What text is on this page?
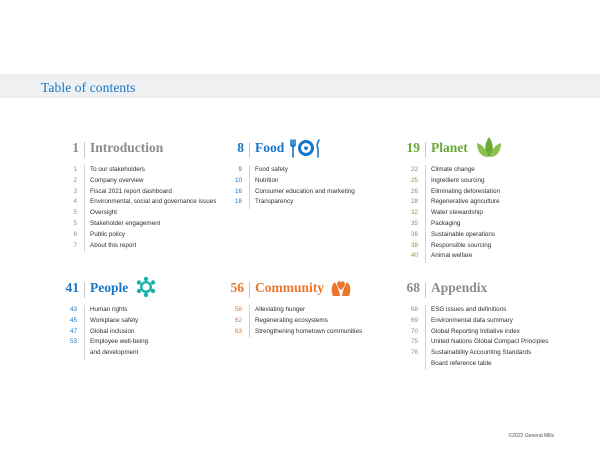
Table of contents
1 Introduction
1 To our stakeholders
2 Company overview
3 Fiscal 2021 report dashboard
4 Environmental, social and governance issues
5 Oversight
5 Stakeholder engagement
6 Public policy
7 About this report
8 Food
9 Food safety
10 Nutrition
16 Consumer education and marketing
18 Transparency
19 Planet
22 Climate change
25 Ingredient sourcing
26 Eliminating deforestation
28 Regenerative agriculture
32 Water stewardship
35 Packaging
36 Sustainable operations
38 Responsible sourcing
40 Animal welfare
41 People
43 Human rights
45 Workplace safety
47 Global inclusion
53 Employee well-being
and development
56 Community
58 Alleviating hunger
62 Regenerating ecosystems
63 Strengthening hometown communities
68 Appendix
68 ESG issues and definitions
69 Environmental data summary
70 Global Reporting Initiative index
75 United Nations Global Compact Principles
76 Sustainability Accounting Standards
Board reference table
©2022 General Mills
